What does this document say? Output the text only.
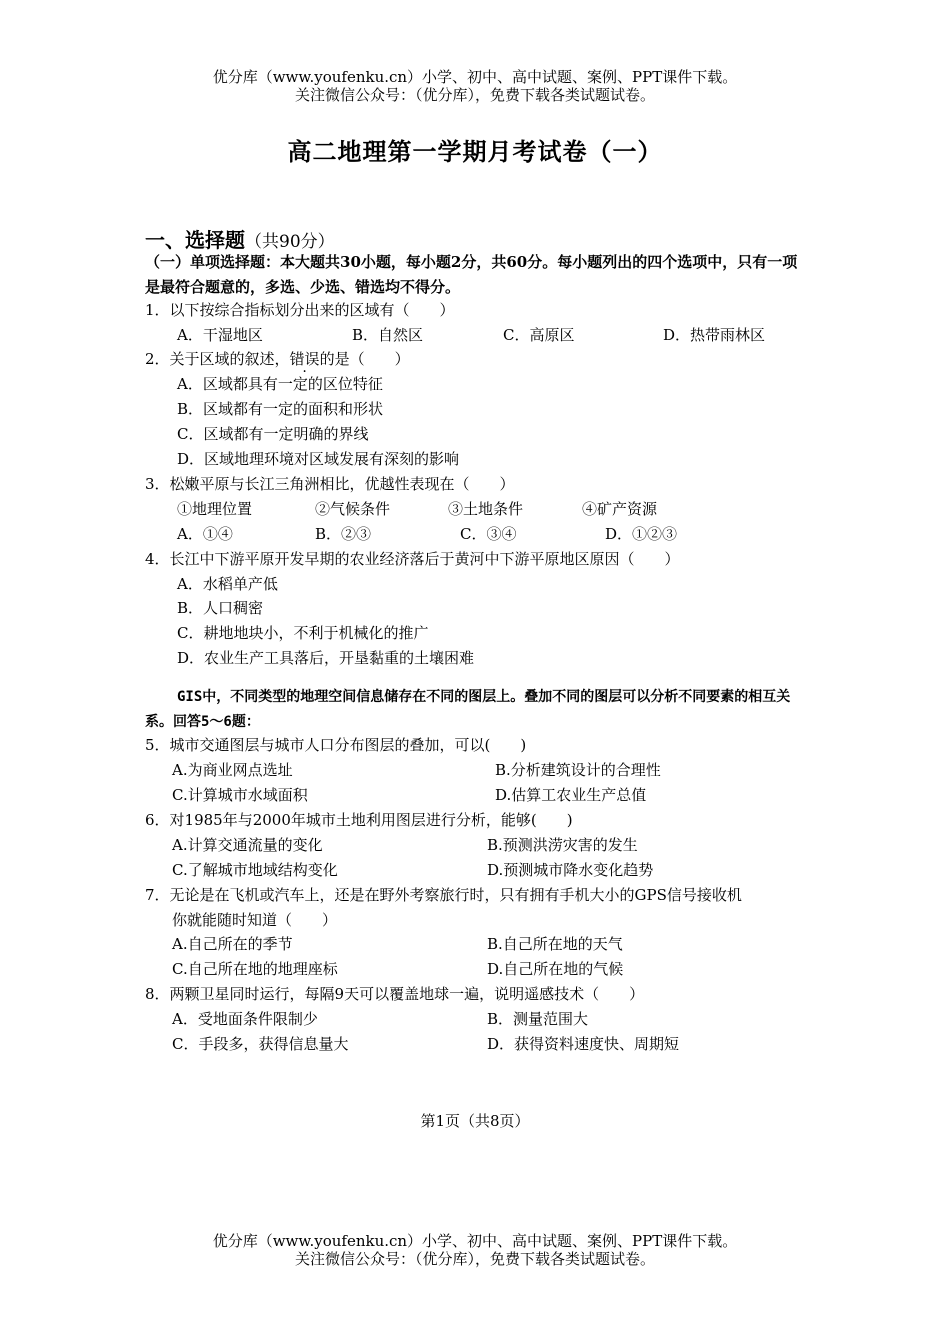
优分库（www.youfenku.cn）小学、初中、高中试题、案例、PPT课件下载。
关注微信公众号：（优分库），免费下载各类试题试卷。
高二地理第一学期月考试卷（一）
一、选择题（共90分）
（一）单项选择题：本大题共30小题，每小题2分，共60分。每小题列出的四个选项中，只有一项是最符合题意的，多选、少选、错选均不得分。
1．以下按综合指标划分出来的区域有（　　）
A．干湿地区	B．自然区	C．高原区	D．热带雨林区
2．关于区域的叙述，错误的是（　　）
A．区域都具有一定的区位特征
B．区域都有一定的面积和形状
C．区域都有一定明确的界线
D．区域地理环境对区域发展有深刻的影响
3．松嫩平原与长江三角洲相比，优越性表现在（　　）
①地理位置	②气候条件	③土地条件	④矿产资源
A．①④	B．②③	C．③④	D．①②③
4．长江中下游平原开发早期的农业经济落后于黄河中下游平原地区原因（　　）
A．水稻单产低
B．人口稠密
C．耕地地块小，不利于机械化的推广
D．农业生产工具落后，开垦黏重的土壤困难
GIS中，不同类型的地理空间信息储存在不同的图层上。叠加不同的图层可以分析不同要素的相互关系。回答5～6题：
5．城市交通图层与城市人口分布图层的叠加，可以(　　)
A.为商业网点选址	B.分析建筑设计的合理性
C.计算城市水域面积	D.估算工农业生产总值
6．对1985年与2000年城市土地利用图层进行分析，能够(　　)
A.计算交通流量的变化	B.预测洪涝灾害的发生
C.了解城市地域结构变化	D.预测城市降水变化趋势
7．无论是在飞机或汽车上，还是在野外考察旅行时，只有拥有手机大小的GPS信号接收机
你就能随时知道（　　）
A.自己所在的季节	B.自己所在地的天气
C.自己所在地的地理座标	D.自己所在地的气候
8．两颗卫星同时运行，每隔9天可以覆盖地球一遍，说明遥感技术（　　）
A．受地面条件限制少	B．测量范围大
C．手段多，获得信息量大	D．获得资料速度快、周期短
第1页（共8页）
优分库（www.youfenku.cn）小学、初中、高中试题、案例、PPT课件下载。
关注微信公众号：（优分库），免费下载各类试题试卷。
